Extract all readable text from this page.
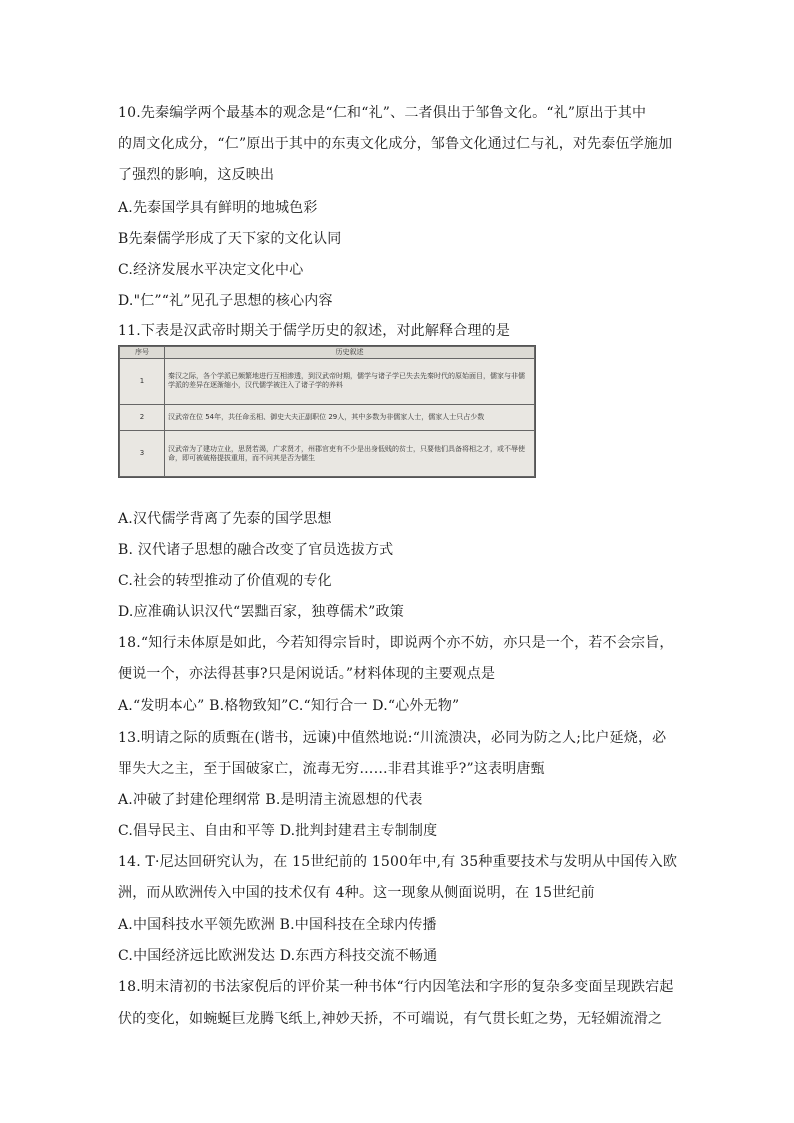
10.先秦编学两个最基本的观念是“仁和“礼”、二者俱出于邹鲁文化。“礼”原出于其中
的周文化成分，“仁”原出于其中的东夷文化成分，邹鲁文化通过仁与礼，对先泰伍学施加
了强烈的影响，这反映出
A.先泰国学具有鲜明的地城色彩
B先秦儒学形成了天下家的文化认同
C.经济发展水平决定文化中心
D."仁”“礼”见孔子思想的核心内容
11.下表是汉武帝时期关于儒学历史的叙述，对此解释合理的是
序号	历史叙述
1	秦汉之际，各个学派已频繁地进行互相渗透，到汉武帝时期，儒学与诸子学已失去先秦时代的原始面目，儒家与非儒学派的差异在逐渐缩小，汉代儒学被注入了诸子学的养料
2	汉武帝在位 54年，共任命丞相、御史大夫正副职位 29人，其中多数为非儒家人士，儒家人士只占少数
3	汉武帝为了建功立业，思贤若渴，广求贤才，州郡官吏有不少是出身低贱的贫士，只要他们具备将相之才，或不辱使命，即可被破格提拔重用，而不问其是否为儒生
A.汉代儒学背离了先泰的国学思想
B. 汉代诸子思想的融合改变了官员选拔方式
C.社会的转型推动了价值观的专化
D.应准确认识汉代“罢黜百家，独尊儒术”政策
18.“知行未体原是如此，今若知得宗旨时，即说两个亦不妨，亦只是一个，若不会宗旨，
便说一个，亦法得甚事?只是闲说话。”材料体现的主要观点是
A.“发明本心” B.格物致知”C.“知行合一 D.“心外无物”
13.明请之际的质甄在(谐书，远谏)中值然地说:“川流溃决，必同为防之人;比户延烧，必
罪失大之主，至于国破家亡，流毒无穷……非君其谁乎?”这表明唐甄
A.冲破了封建伦理纲常 B.是明清主流恩想的代表
C.倡导民主、自由和平等 D.批判封建君主专制制度
14. T·尼达回研究认为，在 15世纪前的 1500年中,有 35种重要技术与发明从中国传入欧
洲，而从欧洲传入中国的技术仅有 4种。这一现象从侧面说明，在 15世纪前
A.中国科技水平领先欧洲 B.中国科技在全球内传播
C.中国经济远比欧洲发达 D.东西方科技交流不畅通
18.明末清初的书法家倪后的评价某一种书体“行内因笔法和字形的复杂多变面呈现跌宕起
伏的变化，如蜿蜒巨龙腾飞纸上,神妙天挢，不可端说，有气贯长虹之势，无轻媚流滑之
